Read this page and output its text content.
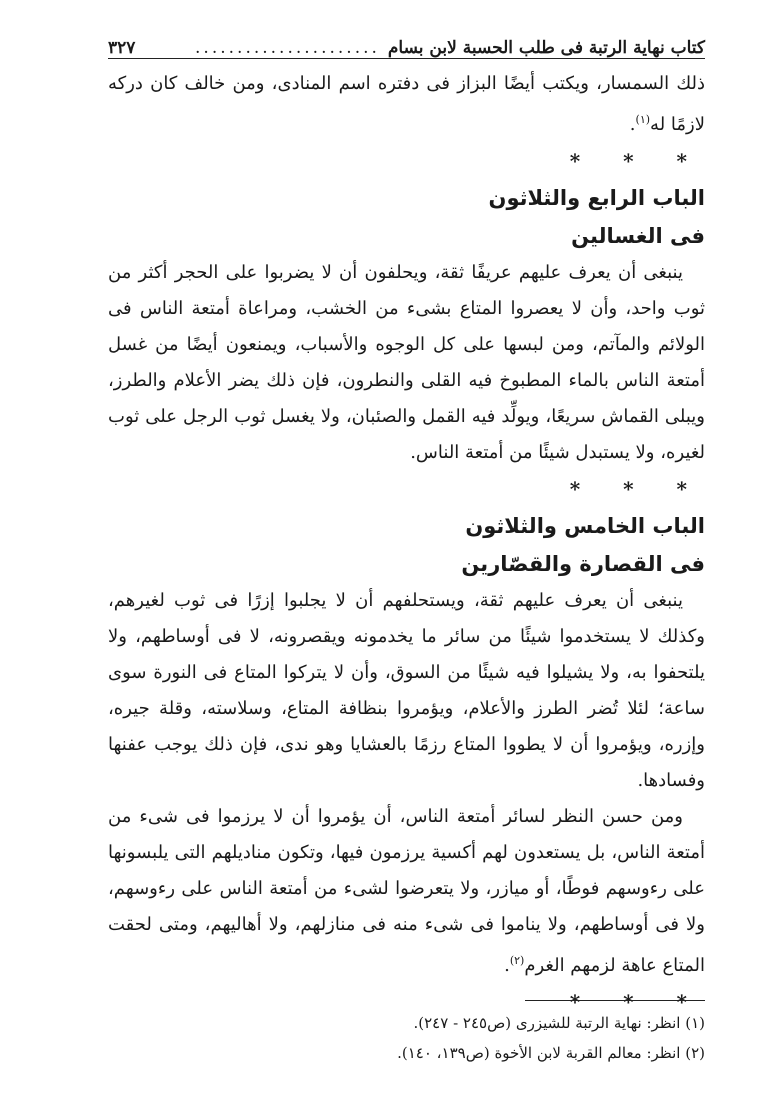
كتاب نهاية الرتبة فى طلب الحسبة لابن بسام
......................
٣٢٧

ذلك السمسار، ويكتب أيضًا البزاز فى دفتره اسم المنادى، ومن خالف كان دركه لازمًا له$^{(١)}$.

* * *
الباب الرابع والثلاثون
فى الغسالين

ينبغى أن يعرف عليهم عريفًا ثقة، ويحلفون أن لا يضربوا على الحجر أكثر من ثوب واحد، وأن لا يعصروا المتاع بشىء من الخشب، ومراعاة أمتعة الناس فى الولائم والمآتم، ومن لبسها على كل الوجوه والأسباب، ويمنعون أيضًا من غسل أمتعة الناس بالماء المطبوخ فيه القلى والنطرون، فإن ذلك يضر الأعلام والطرز، ويبلى القماش سريعًا، ويولِّد فيه القمل والصئبان، ولا يغسل ثوب الرجل على ثوب لغيره، ولا يستبدل شيئًا من أمتعة الناس.

* * *
الباب الخامس والثلاثون
فى القصارة والقصّارين

ينبغى أن يعرف عليهم ثقة، ويستحلفهم أن لا يجلبوا إزرًا فى ثوب لغيرهم، وكذلك لا يستخدموا شيئًا من سائر ما يخدمونه ويقصرونه، لا فى أوساطهم، ولا يلتحفوا به، ولا يشيلوا فيه شيئًا من السوق، وأن لا يتركوا المتاع فى النورة سوى ساعة؛ لئلا تُضر الطرز والأعلام، ويؤمروا بنظافة المتاع، وسلاسته، وقلة جيره، وإزره، ويؤمروا أن لا يطووا المتاع رزمًا بالعشايا وهو ندى، فإن ذلك يوجب عفنها وفسادها.

ومن حسن النظر لسائر أمتعة الناس، أن يؤمروا أن لا يرزموا فى شىء من أمتعة الناس، بل يستعدون لهم أكسية يرزمون فيها، وتكون مناديلهم التى يلبسونها على رءوسهم فوطًا، أو ميازر، ولا يتعرضوا لشىء من أمتعة الناس على رءوسهم، ولا فى أوساطهم، ولا يناموا فى شىء منه فى منازلهم، ولا أهاليهم، ومتى لحقت المتاع عاهة لزمهم الغرم$^{(٢)}$.

* * *
(١) انظر: نهاية الرتبة للشيزرى (ص٢٤٥ - ٢٤٧).
(٢) انظر: معالم القربة لابن الأخوة (ص١٣٩، ١٤٠).
